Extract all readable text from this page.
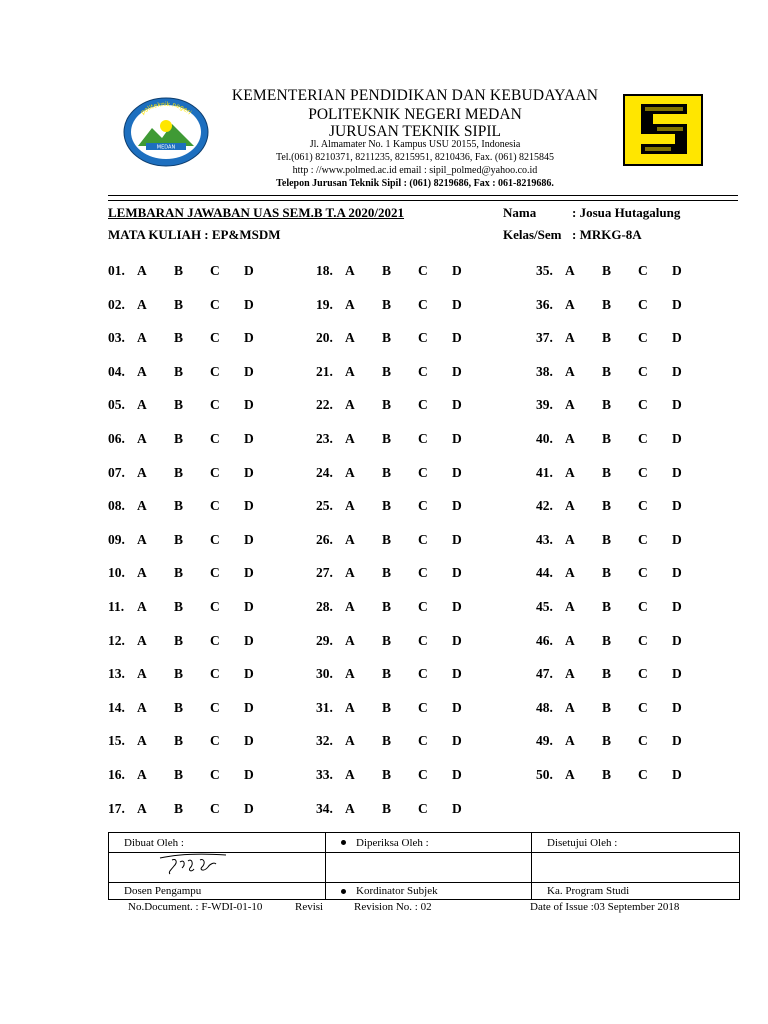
MEDAN
politeknik negeri
KEMENTERIAN PENDIDIKAN DAN KEBUDAYAAN
POLITEKNIK NEGERI MEDAN
JURUSAN TEKNIK SIPIL
Jl. Almamater No. 1 Kampus USU 20155, Indonesia
Tel.(061) 8210371, 8211235, 8215951, 8210436, Fax. (061) 8215845
http : //www.polmed.ac.id email : sipil_polmed@yahoo.co.id
Telepon Jurusan Teknik Sipil : (061) 8219686, Fax : 061-8219686.
LEMBARAN JAWABAN UAS SEM.B T.A 2020/2021
MATA KULIAH : EP&MSDM
Nama	: Josua Hutagalung
Kelas/Sem : MRKG-8A
01. A B C D	18. A B C D	35. A B C D
02. A B C D	19. A B C D	36. A B C D
03. A B C D	20. A B C D	37. A B C D
04. A B C D	21. A B C D	38. A B C D
05. A B C D	22. A B C D	39. A B C D
06. A B C D	23. A B C D	40. A B C D
07. A B C D	24. A B C D	41. A B C D
08. A B C D	25. A B C D	42. A B C D
09. A B C D	26. A B C D	43. A B C D
10. A B C D	27. A B C D	44. A B C D
11. A B C D	28. A B C D	45. A B C D
12. A B C D	29. A B C D	46. A B C D
13. A B C D	30. A B C D	47. A B C D
14. A B C D	31. A B C D	48. A B C D
15. A B C D	32. A B C D	49. A B C D
16. A B C D	33. A B C D	50. A B C D
17. A B C D	34. A B C D
Dibuat Oleh :	Diperiksa Oleh :	Disetujui Oleh :

Dosen Pengampu	Kordinator Subjek	Ka. Program Studi
No.Document. : F-WDI-01-10	Revisi	Revision No. : 02	Date of Issue :03 September 2018
